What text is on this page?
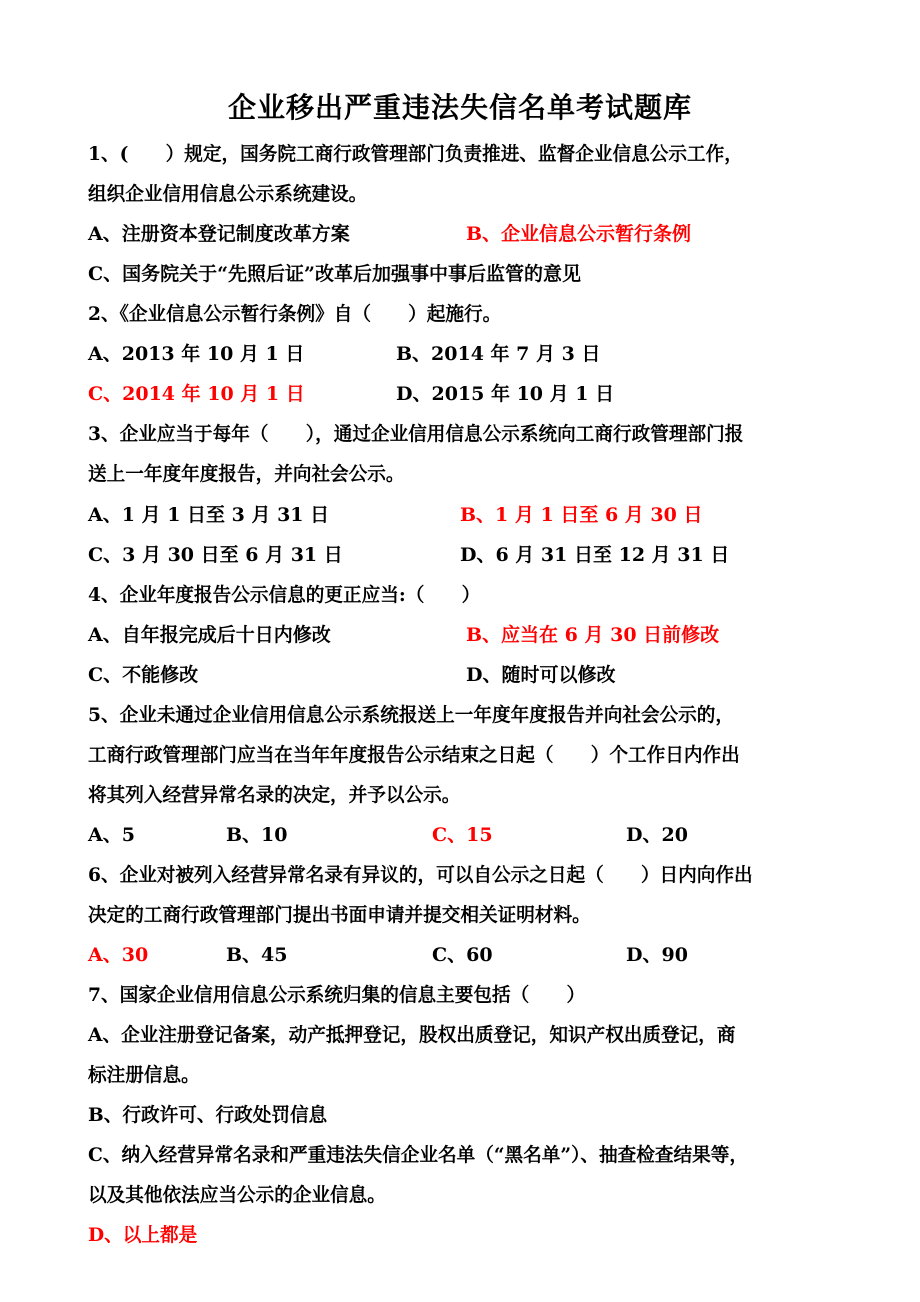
企业移出严重违法失信名单考试题库
1、(　　）规定，国务院工商行政管理部门负责推进、监督企业信息公示工作，
组织企业信用信息公示系统建设。
A、注册资本登记制度改革方案	B、企业信息公示暂行条例
C、国务院关于“先照后证”改革后加强事中事后监管的意见
2、《企业信息公示暂行条例》自（　　）起施行。
A、2013 年 10 月 1 日	B、2014 年 7 月 3 日
C、2014 年 10 月 1 日	D、2015 年 10 月 1 日
3、企业应当于每年（　　），通过企业信用信息公示系统向工商行政管理部门报
送上一年度年度报告，并向社会公示。
A、1 月 1 日至 3 月 31 日	B、1 月 1 日至 6 月 30 日
C、3 月 30 日至 6 月 31 日	D、6 月 31 日至 12 月 31 日
4、企业年度报告公示信息的更正应当:（　　）
A、自年报完成后十日内修改	B、应当在 6 月 30 日前修改
C、不能修改	D、随时可以修改
5、企业未通过企业信用信息公示系统报送上一年度年度报告并向社会公示的，
工商行政管理部门应当在当年年度报告公示结束之日起（　　）个工作日内作出
将其列入经营异常名录的决定，并予以公示。
A、5	B、10	C、15	D、20
6、企业对被列入经营异常名录有异议的，可以自公示之日起（　　）日内向作出
决定的工商行政管理部门提出书面申请并提交相关证明材料。
A、30	B、45	C、60	D、90
7、国家企业信用信息公示系统归集的信息主要包括（　　）
A、企业注册登记备案，动产抵押登记，股权出质登记，知识产权出质登记，商
标注册信息。
B、行政许可、行政处罚信息
C、纳入经营异常名录和严重违法失信企业名单（“黑名单”）、抽查检查结果等，
以及其他依法应当公示的企业信息。
D、以上都是
